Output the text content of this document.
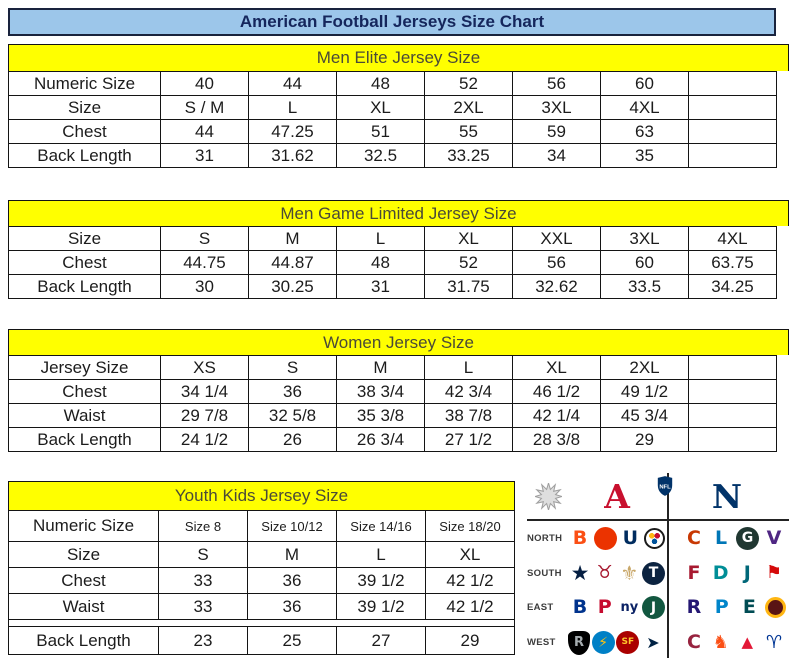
American Football Jerseys Size Chart
Men Elite Jersey Size
Numeric Size	40	44	48	52	56	60	
Size	S / M	L	XL	2XL	3XL	4XL	
Chest	44	47.25	51	55	59	63	
Back Length	31	31.62	32.5	33.25	34	35	
Men Game Limited Jersey Size
Size	S	M	L	XL	XXL	3XL	4XL
Chest	44.75	44.87	48	52	56	60	63.75
Back Length	30	30.25	31	31.75	32.62	33.5	34.25
Women Jersey Size
Jersey Size	XS	S	M	L	XL	2XL	
Chest	34 1/4	36	38 3/4	42 3/4	46 1/2	49 1/2	
Waist	29 7/8	32 5/8	35 3/8	38 7/8	42 1/4	45 3/4	
Back Length	24 1/2	26	26 3/4	27 1/2	28 3/8	29	
Youth Kids Jersey Size
Numeric Size	Size 8	Size 10/12	Size 14/16	Size 18/20
Size	S	M	L	XL
Chest	33	36	39 1/2	42 1/2
Waist	33	36	39 1/2	42 1/2

Back Length	23	25	27	29
A	NFL	N
NORTH B U	C L	G V
SOUTH ★ ♉ ⚜ T	F D J ⚑
EAST	B P ny J	R P E
WEST	R	⚡	SF ➤ C ♞ ▲ ♈
